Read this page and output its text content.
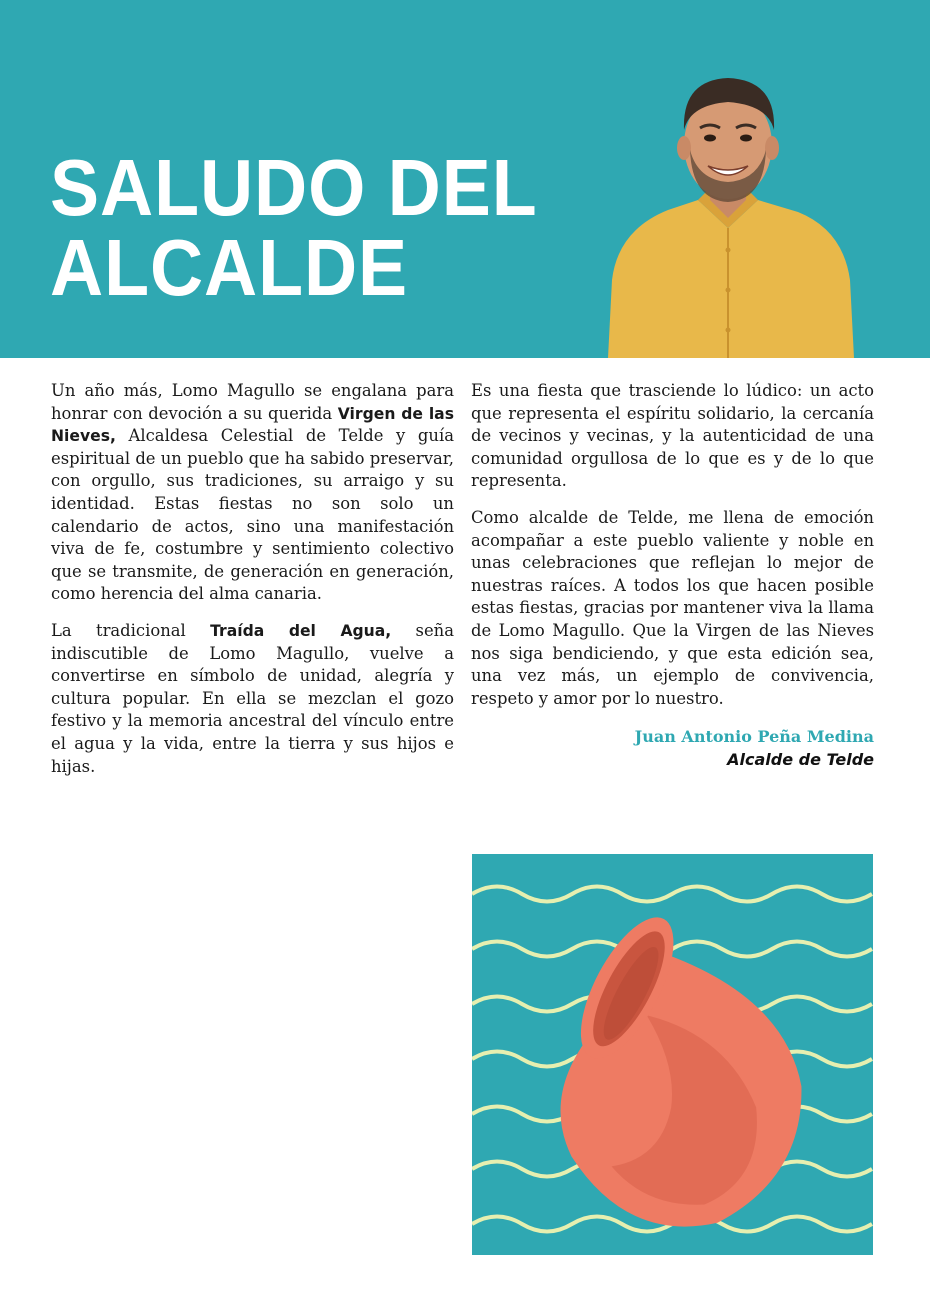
SALUDO DEL ALCALDE

Un año más, Lomo Magullo se engalana para honrar con devoción a su querida Virgen de las Nieves, Alcaldesa Celestial de Telde y guía espiritual de un pueblo que ha sabido preservar, con orgullo, sus tradiciones, su arraigo y su identidad. Estas fiestas no son solo un calendario de actos, sino una manifestación viva de fe, costumbre y sentimiento colectivo que se transmite, de generación en generación, como herencia del alma canaria.

La tradicional Traída del Agua, seña indiscutible de Lomo Magullo, vuelve a convertirse en símbolo de unidad, alegría y cultura popular. En ella se mezclan el gozo festivo y la memoria ancestral del vínculo entre el agua y la vida, entre la tierra y sus hijos e hijas.

Es una fiesta que trasciende lo lúdico: un acto que representa el espíritu solidario, la cercanía de vecinos y vecinas, y la autenticidad de una comunidad orgullosa de lo que es y de lo que representa.

Como alcalde de Telde, me llena de emoción acompañar a este pueblo valiente y noble en unas celebraciones que reflejan lo mejor de nuestras raíces. A todos los que hacen posible estas fiestas, gracias por mantener viva la llama de Lomo Magullo. Que la Virgen de las Nieves nos siga bendiciendo, y que esta edición sea, una vez más, un ejemplo de convivencia, respeto y amor por lo nuestro.

Juan Antonio Peña Medina
Alcalde de Telde
